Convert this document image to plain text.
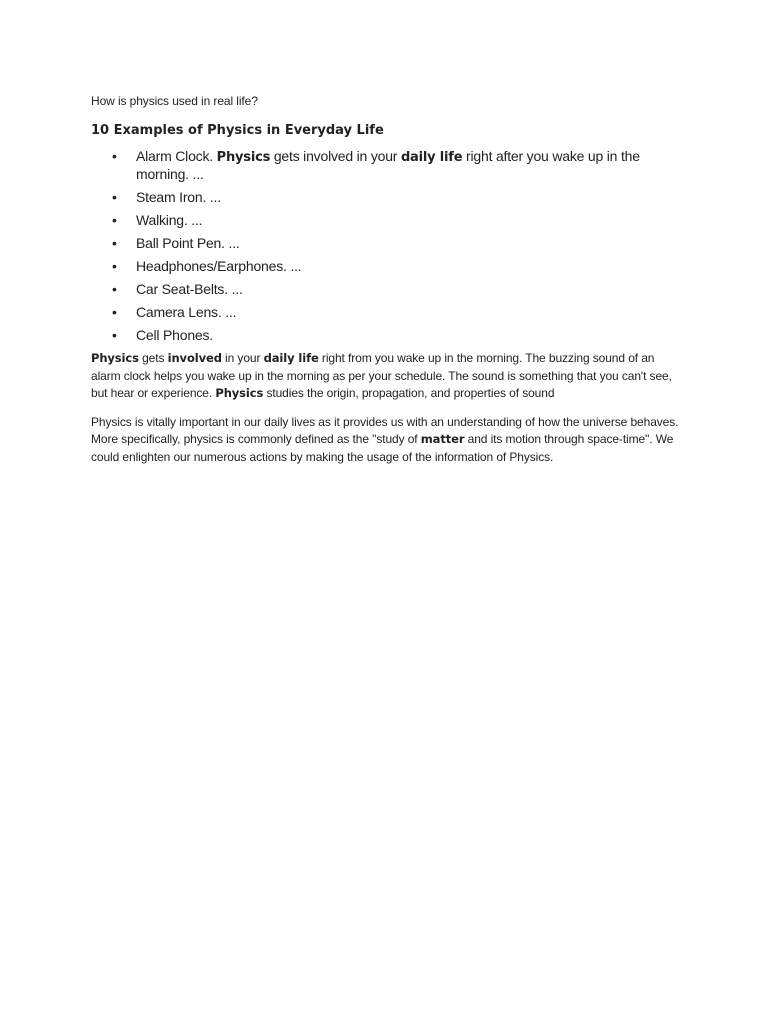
How is physics used in real life?

10 Examples of Physics in Everyday Life
• Alarm Clock. Physics gets involved in your daily life right after you wake up in the morning. ...
• Steam Iron. ...
• Walking. ...
• Ball Point Pen. ...
• Headphones/Earphones. ...
• Car Seat-Belts. ...
• Camera Lens. ...
• Cell Phones.

Physics gets involved in your daily life right from you wake up in the morning. The buzzing sound of an alarm clock helps you wake up in the morning as per your schedule. The sound is something that you can't see, but hear or experience. Physics studies the origin, propagation, and properties of sound

Physics is vitally important in our daily lives as it provides us with an understanding of how the universe behaves. More specifically, physics is commonly defined as the "study of matter and its motion through space-time". We could enlighten our numerous actions by making the usage of the information of Physics.
